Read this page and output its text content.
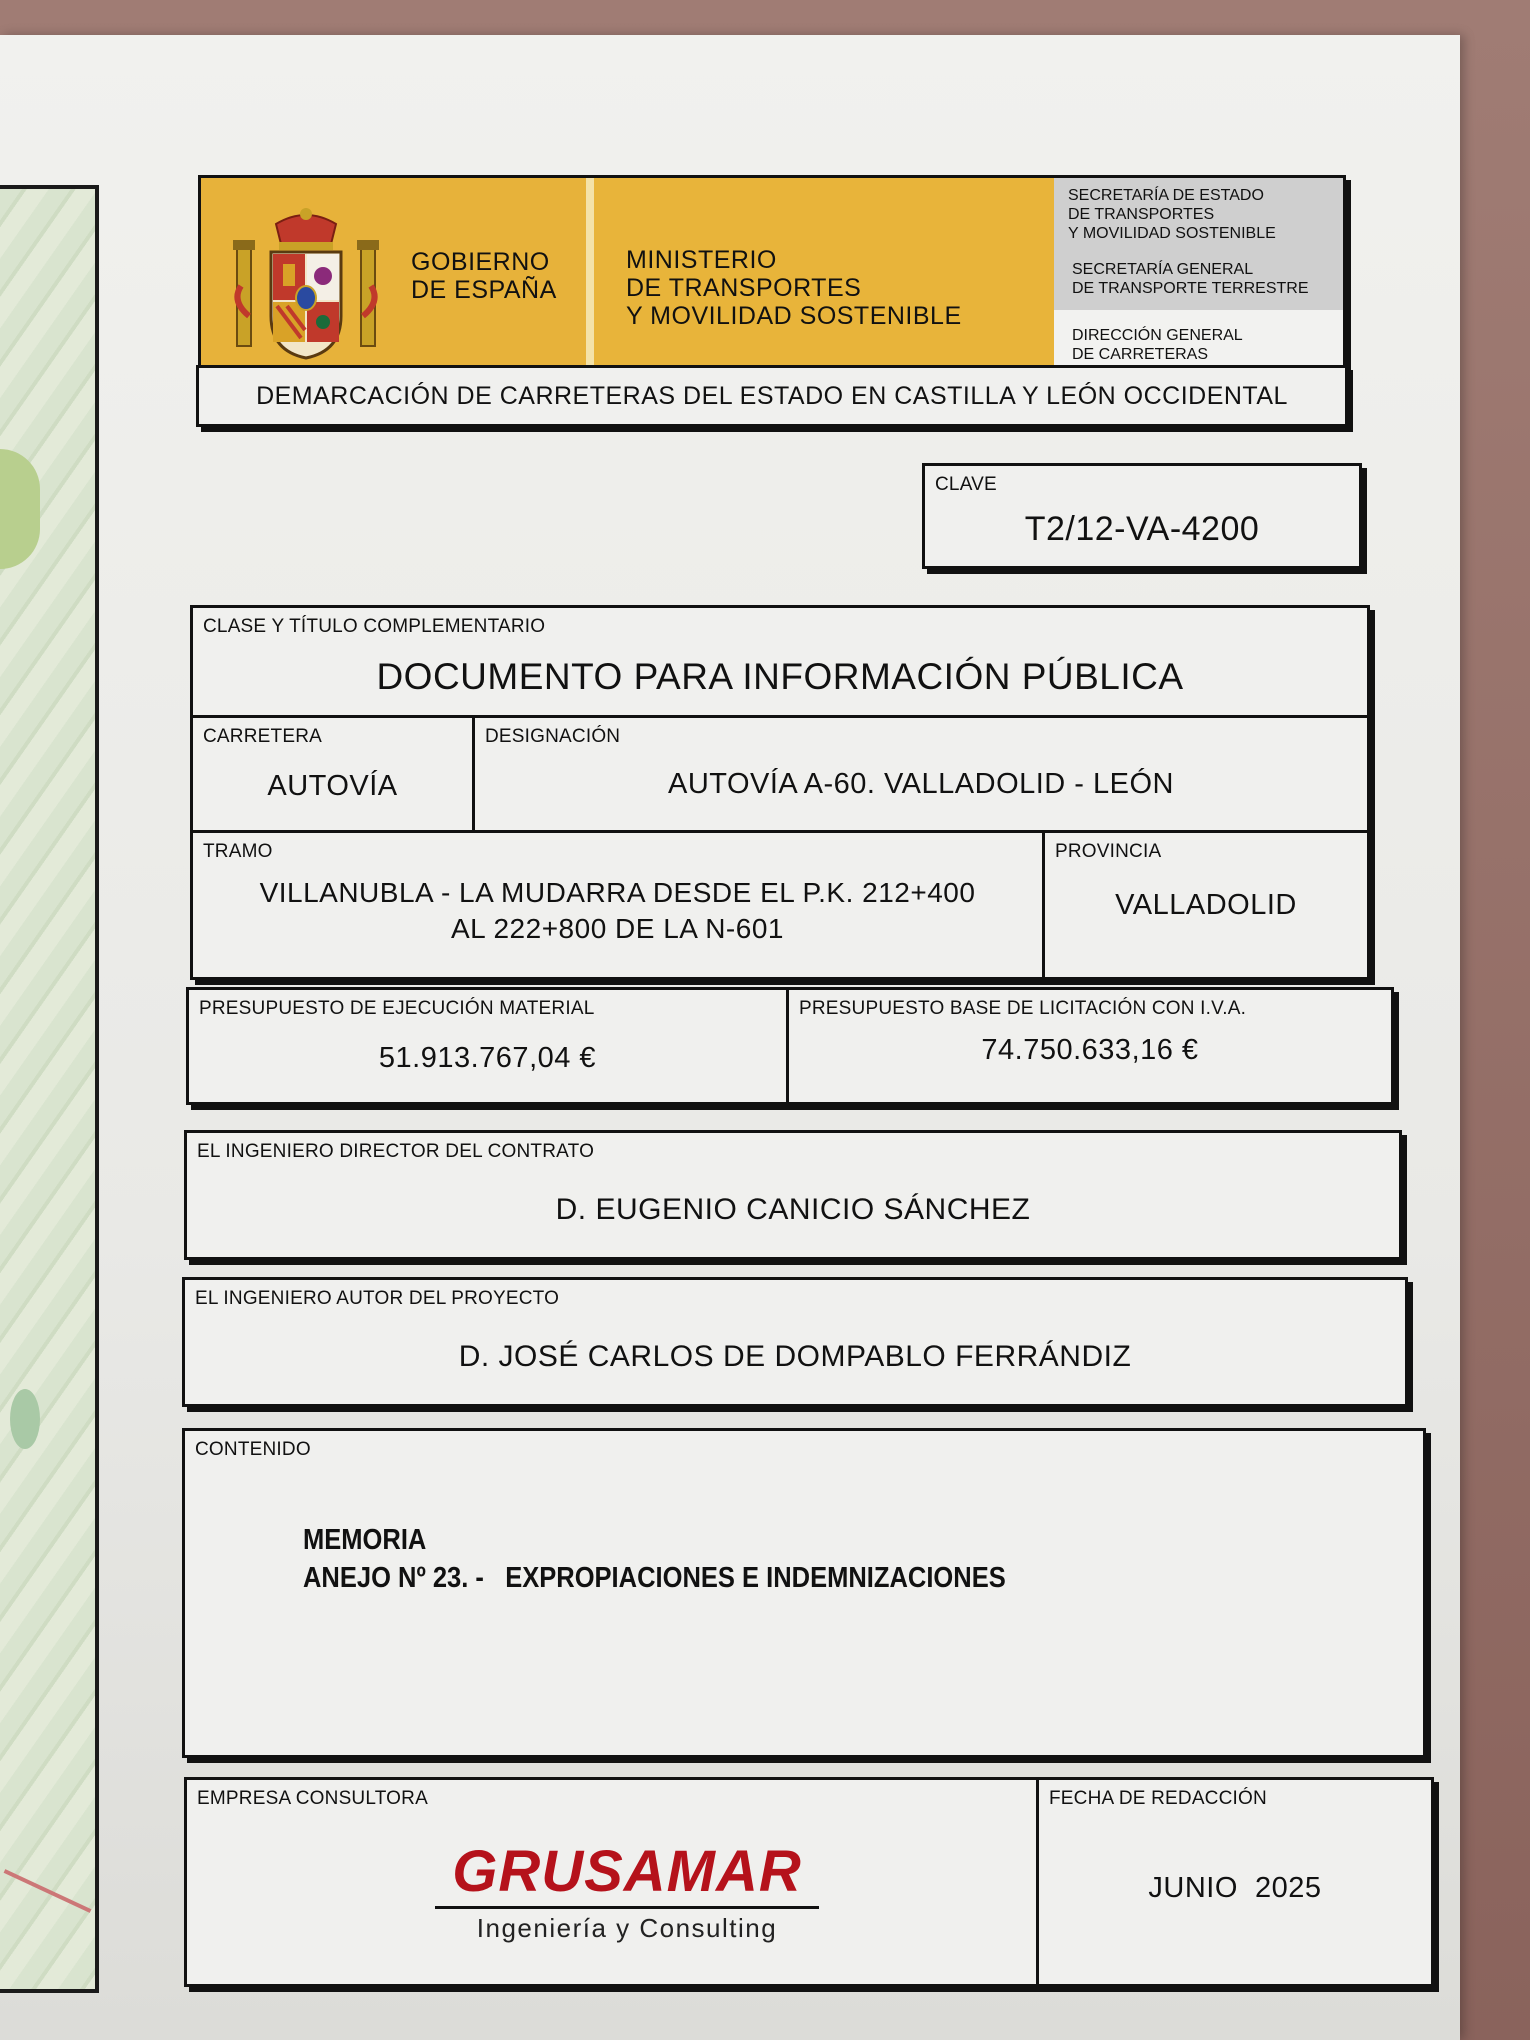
GOBIERNO
DE ESPAÑA
MINISTERIO
DE TRANSPORTES
Y MOVILIDAD SOSTENIBLE
SECRETARÍA DE ESTADO
DE TRANSPORTES
Y MOVILIDAD SOSTENIBLE
SECRETARÍA GENERAL
DE TRANSPORTE TERRESTRE
DIRECCIÓN GENERAL
DE CARRETERAS
DEMARCACIÓN DE CARRETERAS DEL ESTADO EN CASTILLA Y LEÓN OCCIDENTAL
CLAVE
T2/12-VA-4200
CLASE Y TÍTULO COMPLEMENTARIO
DOCUMENTO PARA INFORMACIÓN PÚBLICA
CARRETERA
AUTOVÍA
DESIGNACIÓN
AUTOVÍA A-60. VALLADOLID - LEÓN
TRAMO
VILLANUBLA - LA MUDARRA DESDE EL P.K. 212+400
AL 222+800 DE LA N-601
PROVINCIA
VALLADOLID
PRESUPUESTO DE EJECUCIÓN MATERIAL
51.913.767,04 €
PRESUPUESTO BASE DE LICITACIÓN CON I.V.A.
74.750.633,16 €
EL INGENIERO DIRECTOR DEL CONTRATO
D. EUGENIO CANICIO SÁNCHEZ
EL INGENIERO AUTOR DEL PROYECTO
D. JOSÉ CARLOS DE DOMPABLO FERRÁNDIZ
CONTENIDO
MEMORIA
ANEJO Nº 23. - EXPROPIACIONES E INDEMNIZACIONES
EMPRESA CONSULTORA
GRUSAMAR
Ingeniería y Consulting
FECHA DE REDACCIÓN
JUNIO  2025
